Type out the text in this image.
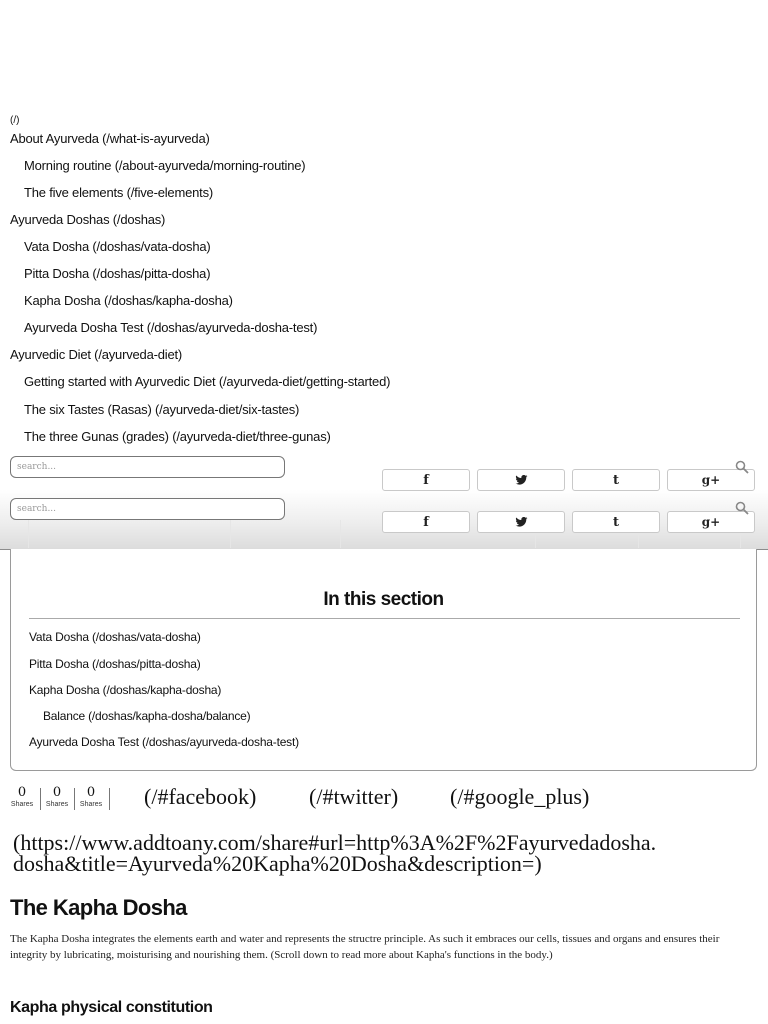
(/)
About Ayurveda (/what-is-ayurveda)
Morning routine (/about-ayurveda/morning-routine)
The five elements (/five-elements)
Ayurveda Doshas (/doshas)
Vata Dosha (/doshas/vata-dosha)
Pitta Dosha (/doshas/pitta-dosha)
Kapha Dosha (/doshas/kapha-dosha)
Ayurveda Dosha Test (/doshas/ayurveda-dosha-test)
Ayurvedic Diet (/ayurveda-diet)
Getting started with Ayurvedic Diet (/ayurveda-diet/getting-started)
The six Tastes (Rasas) (/ayurveda-diet/six-tastes)
The three Gunas (grades) (/ayurveda-diet/three-gunas)
search...
f	t	g+
search...
f	t	g+
In this section
Vata Dosha (/doshas/vata-dosha)
Pitta Dosha (/doshas/pitta-dosha)
Kapha Dosha (/doshas/kapha-dosha)
Balance (/doshas/kapha-dosha/balance)
Ayurveda Dosha Test (/doshas/ayurveda-dosha-test)
0
Shares
0
Shares
0
Shares (/#facebook) (/#twitter) (/#google_plus)
(https://www.addtoany.com/share#url=http%3A%2F%2Fayurvedadosha.
dosha&title=Ayurveda%20Kapha%20Dosha&description=)
The Kapha Dosha

The Kapha Dosha integrates the elements earth and water and represents the structre principle. As such it embraces our cells, tissues and organs and ensures their integrity by lubricating, moisturising and nourishing them. (Scroll down to read more about Kapha's functions in the body.)

Kapha physical constitution
